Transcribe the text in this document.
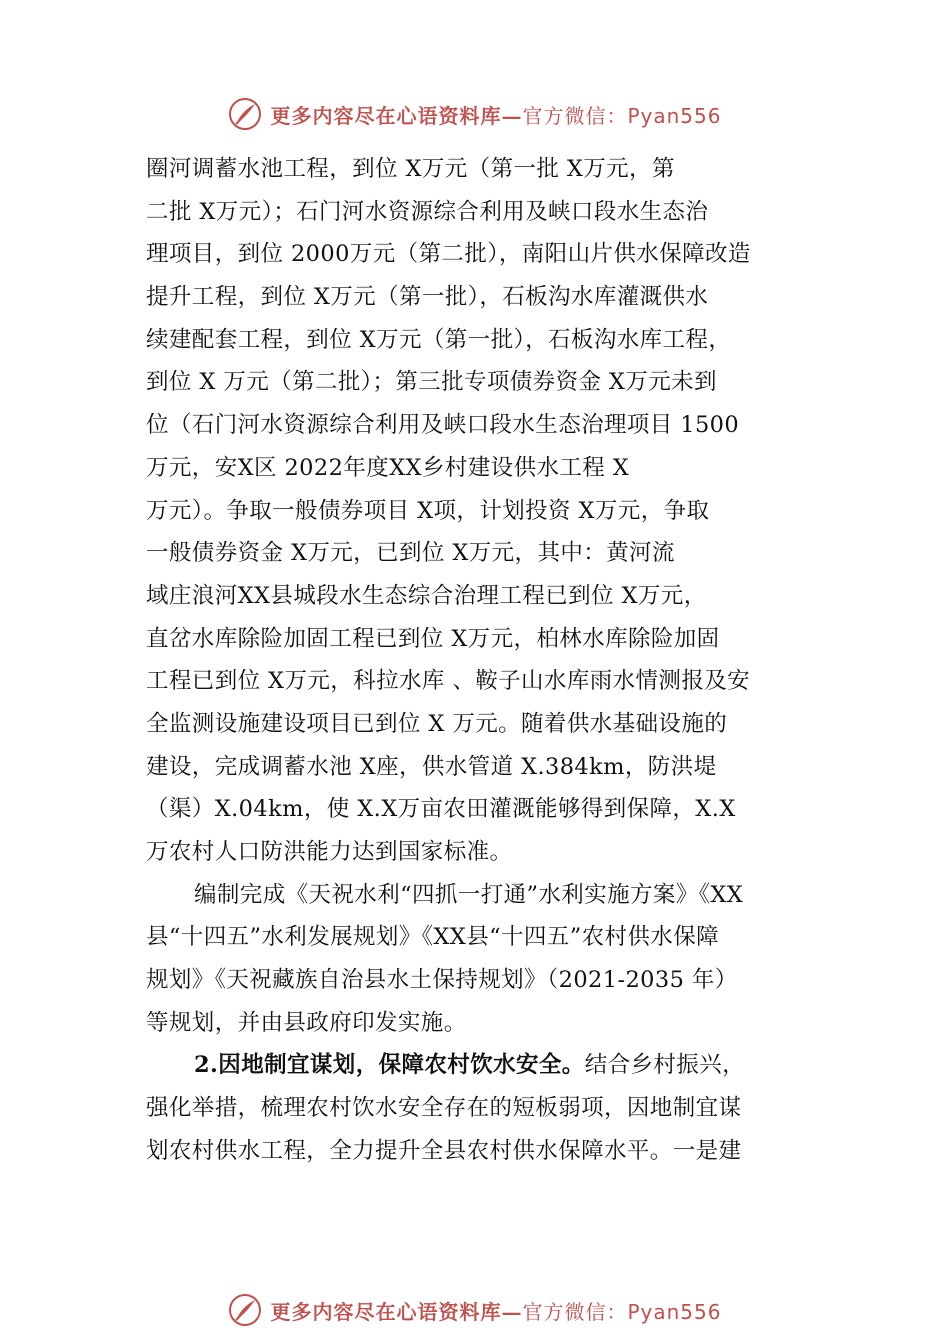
更多内容尽在心语资料库—官方微信：Pyan556
圈河调蓄水池工程，到位 X万元（第一批 X万元，第
二批 X万元）；石门河水资源综合利用及峡口段水生态治
理项目，到位 2000万元（第二批），南阳山片供水保障改造
提升工程，到位 X万元（第一批），石板沟水库灌溉供水
续建配套工程，到位 X万元（第一批），石板沟水库工程，
到位 X 万元（第二批）；第三批专项债券资金 X万元未到
位（石门河水资源综合利用及峡口段水生态治理项目 1500
万元，安X区 2022年度XX乡村建设供水工程 X
万元）。争取一般债券项目 X项，计划投资 X万元，争取
一般债券资金 X万元，已到位 X万元，其中：黄河流
域庄浪河XX县城段水生态综合治理工程已到位 X万元，
直岔水库除险加固工程已到位 X万元，柏林水库除险加固
工程已到位 X万元，科拉水库 、鞍子山水库雨水情测报及安
全监测设施建设项目已到位 X 万元。随着供水基础设施的
建设，完成调蓄水池 X座，供水管道 X.384km，防洪堤
（渠）X.04km，使 X.X万亩农田灌溉能够得到保障，X.X
万农村人口防洪能力达到国家标准。
编制完成《天祝水利“四抓一打通”水利实施方案》《XX
县“十四五”水利发展规划》《XX县“十四五”农村供水保障
规划》《天祝藏族自治县水土保持规划》（2021-2035 年）
等规划，并由县政府印发实施。
2.因地制宜谋划，保障农村饮水安全。结合乡村振兴，
强化举措，梳理农村饮水安全存在的短板弱项，因地制宜谋
划农村供水工程，全力提升全县农村供水保障水平。一是建
更多内容尽在心语资料库—官方微信：Pyan556
